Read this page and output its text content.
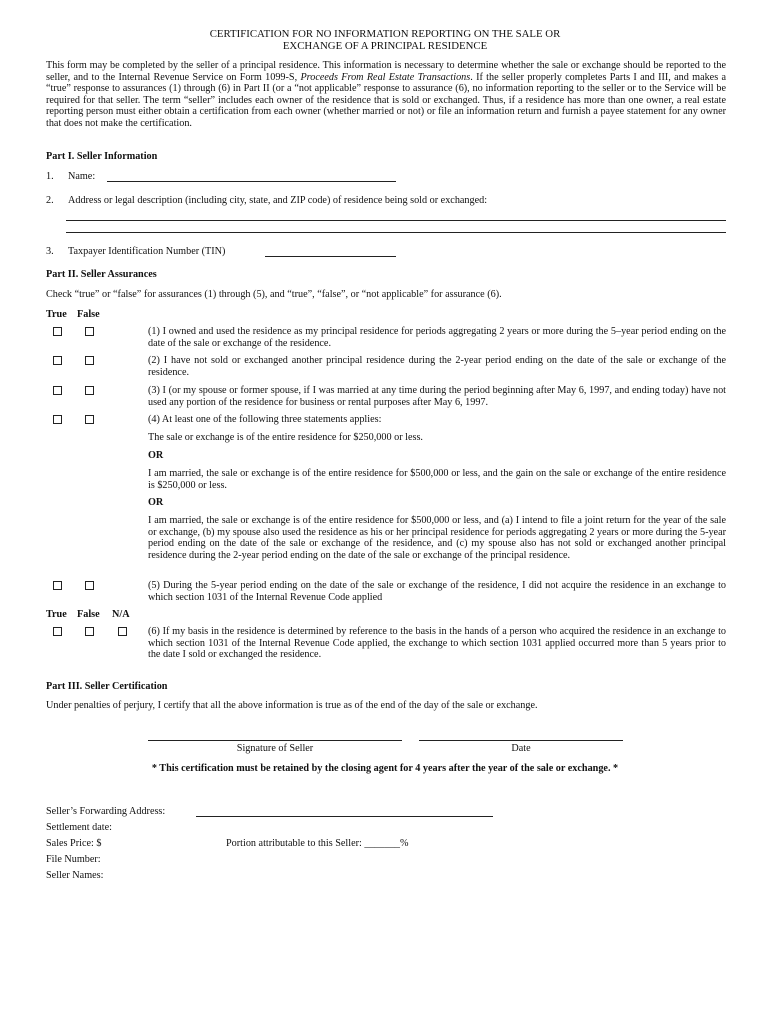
CERTIFICATION FOR NO INFORMATION REPORTING ON THE SALE OR
EXCHANGE OF A PRINCIPAL RESIDENCE
This form may be completed by the seller of a principal residence. This information is necessary to determine whether the sale or exchange should be reported to the seller, and to the Internal Revenue Service on Form 1099-S, Proceeds From Real Estate Transactions. If the seller properly completes Parts I and III, and makes a “true” response to assurances (1) through (6) in Part II (or a “not applicable” response to assurance (6), no information reporting to the seller or to the Service will be required for that seller. The term “seller” includes each owner of the residence that is sold or exchanged. Thus, if a residence has more than one owner, a real estate reporting person must either obtain a certification from each owner (whether married or not) or file an information return and furnish a payee statement for any owner that does not make the certification.
Part I. Seller Information
1. Name:
2. Address or legal description (including city, state, and ZIP code) of residence being sold or exchanged:
3. Taxpayer Identification Number (TIN)
Part II. Seller Assurances
Check “true” or “false” for assurances (1) through (5), and “true”, “false”, or “not applicable” for assurance (6).
True False
(1) I owned and used the residence as my principal residence for periods aggregating 2 years or more during the 5–year period ending on the date of the sale or exchange of the residence.
(2) I have not sold or exchanged another principal residence during the 2-year period ending on the date of the sale or exchange of the residence.
(3) I (or my spouse or former spouse, if I was married at any time during the period beginning after May 6, 1997, and ending today) have not used any portion of the residence for business or rental purposes after May 6, 1997.
(4) At least one of the following three statements applies:
The sale or exchange is of the entire residence for $250,000 or less.
OR
I am married, the sale or exchange is of the entire residence for $500,000 or less, and the gain on the sale or exchange of the entire residence is $250,000 or less.
OR
I am married, the sale or exchange is of the entire residence for $500,000 or less, and (a) I intend to file a joint return for the year of the sale or exchange, (b) my spouse also used the residence as his or her principal residence for periods aggregating 2 years or more during the 5-year period ending on the date of the sale or exchange of the residence, and (c) my spouse also has not sold or exchanged another principal residence during the 2-year period ending on the date of the sale or exchange of the principal residence.
(5) During the 5-year period ending on the date of the sale or exchange of the residence, I did not acquire the residence in an exchange to which section 1031 of the Internal Revenue Code applied
True False N/A
(6) If my basis in the residence is determined by reference to the basis in the hands of a person who acquired the residence in an exchange to which section 1031 of the Internal Revenue Code applied, the exchange to which section 1031 applied occurred more than 5 years prior to the date I sold or exchanged the residence.
Part III. Seller Certification
Under penalties of perjury, I certify that all the above information is true as of the end of the day of the sale or exchange.
Signature of Seller	Date
* This certification must be retained by the closing agent for 4 years after the year of the sale or exchange. *
Seller’s Forwarding Address:
Settlement date:
Sales Price: $	Portion attributable to this Seller: _______%
File Number:
Seller Names:
